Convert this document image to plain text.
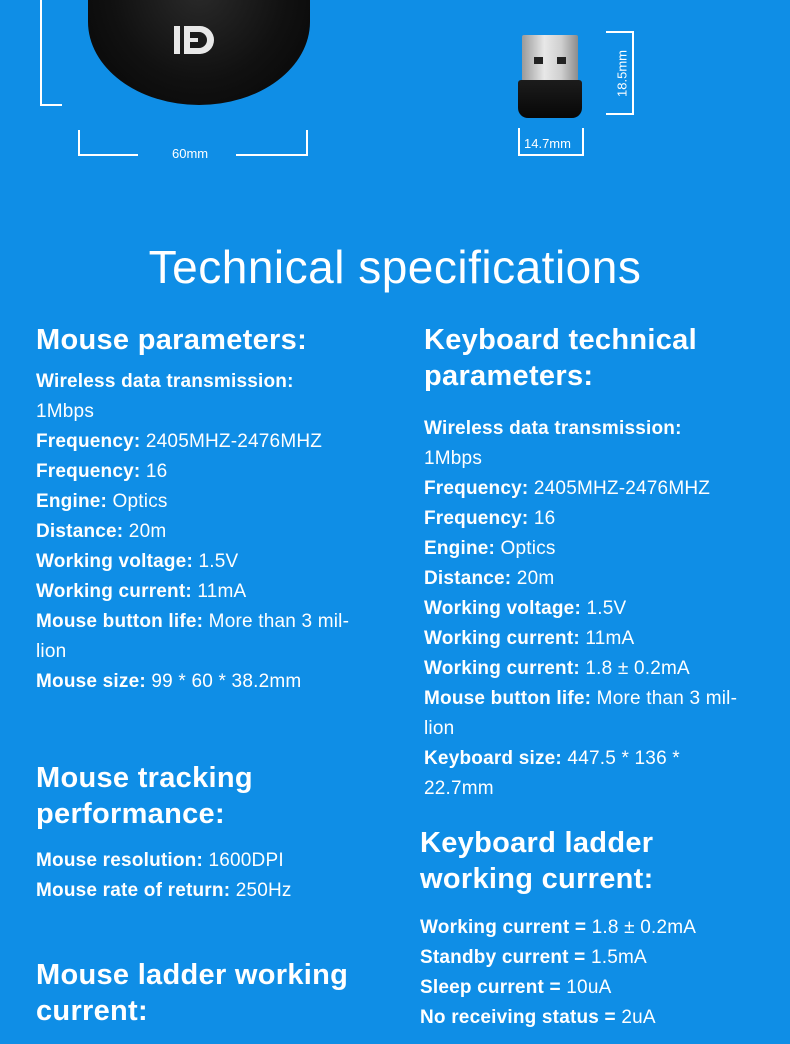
60mm
18.5mm
14.7mm
Technical specifications
Mouse parameters:
Wireless data transmission:
1Mbps
Frequency: 2405MHZ-2476MHZ
Frequency: 16
Engine: Optics
Distance: 20m
Working voltage: 1.5V
Working current: 11mA
Mouse button life: More than 3 mil-
lion
Mouse size: 99 * 60 * 38.2mm
Mouse tracking
performance:
Mouse resolution: 1600DPI
Mouse rate of return: 250Hz
Mouse ladder working
current:
Keyboard technical
parameters:
Wireless data transmission:
1Mbps
Frequency: 2405MHZ-2476MHZ
Frequency: 16
Engine: Optics
Distance: 20m
Working voltage: 1.5V
Working current: 11mA
Working current: 1.8 ± 0.2mA
Mouse button life: More than 3 mil-
lion
Keyboard size: 447.5 * 136 *
22.7mm
Keyboard ladder
working current:
Working current = 1.8 ± 0.2mA
Standby current = 1.5mA
Sleep current = 10uA
No receiving status = 2uA
